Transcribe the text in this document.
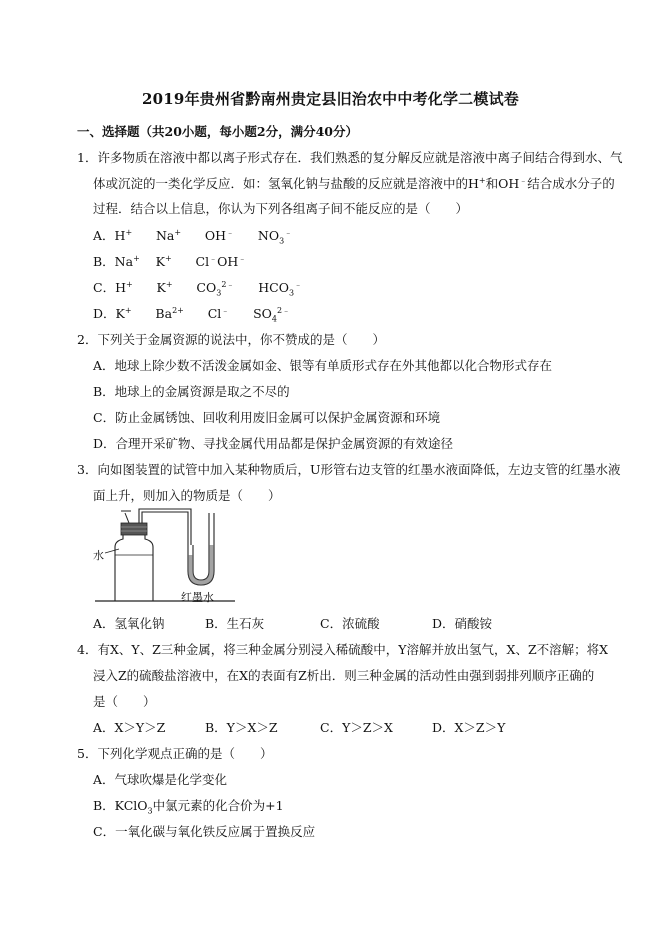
2019年贵州省黔南州贵定县旧治农中中考化学二模试卷
一、选择题（共20小题，每小题2分，满分40分）
1．许多物质在溶液中都以离子形式存在．我们熟悉的复分解反应就是溶液中离子间结合得到水、气
体或沉淀的一类化学反应．如：氢氧化钠与盐酸的反应就是溶液中的H+和OH﹣结合成水分子的
过程．结合以上信息，你认为下列各组离子间不能反应的是（　　）
A．H+      Na+      OH﹣      $NO_3^﹣$
B．Na+    K+      Cl﹣OH﹣
C．H+      K+      $CO_3^{2﹣}$      $HCO_3^﹣$
D．K+      $Ba^{2+}$      Cl﹣      $SO_4^{2﹣}$
2．下列关于金属资源的说法中，你不赞成的是（　　）
A．地球上除少数不活泼金属如金、银等有单质形式存在外其他都以化合物形式存在
B．地球上的金属资源是取之不尽的
C．防止金属锈蚀、回收利用废旧金属可以保护金属资源和环境
D．合理开采矿物、寻找金属代用品都是保护金属资源的有效途径
3．向如图装置的试管中加入某种物质后，U形管右边支管的红墨水液面降低，左边支管的红墨水液
面上升，则加入的物质是（　　）
水
红墨水
A．氢氧化钠	B．生石灰	C．浓硫酸	D．硝酸铵
4．有X、Y、Z三种金属，将三种金属分别浸入稀硫酸中，Y溶解并放出氢气，X、Z不溶解；将X
浸入Z的硫酸盐溶液中，在X的表面有Z析出．则三种金属的活动性由强到弱排列顺序正确的
是（　　）
A．X＞Y＞Z	B．Y＞X＞Z	C．Y＞Z＞X	D．X＞Z＞Y
5．下列化学观点正确的是（　　）
A．气球吹爆是化学变化
B．KClO$_3$中氯元素的化合价为+1
C．一氧化碳与氧化铁反应属于置换反应
